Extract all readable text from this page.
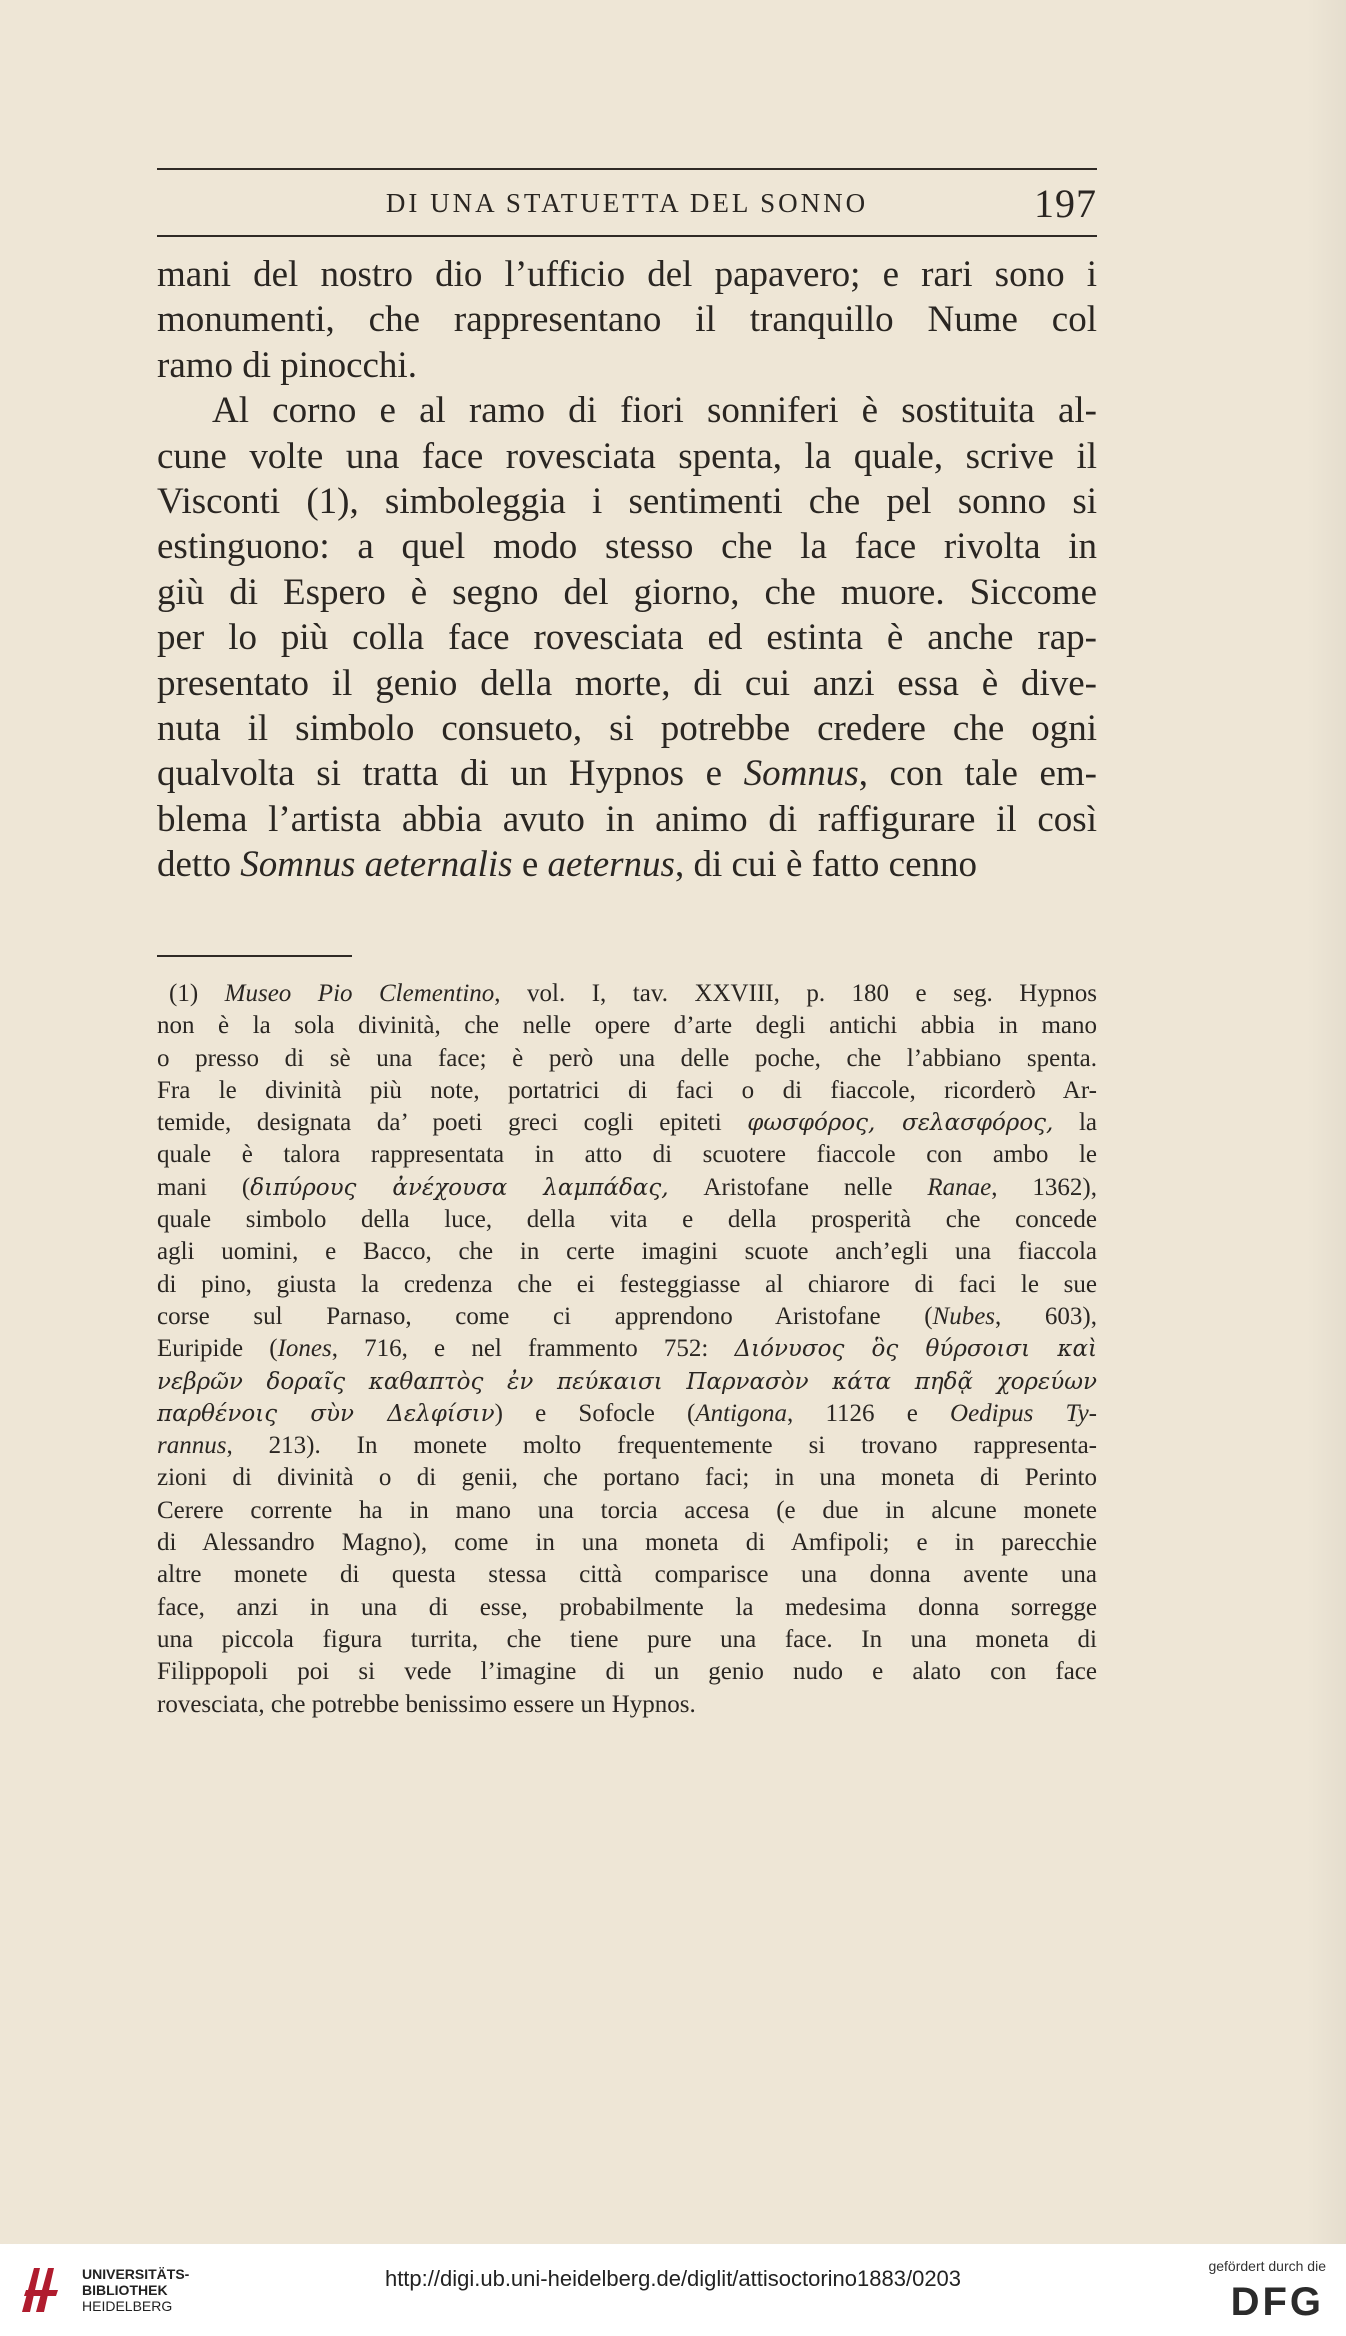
DI UNA STATUETTA DEL SONNO	197

mani del nostro dio l’ufficio del papavero; e rari sono i
monumenti, che rappresentano il tranquillo Nume col
ramo di pinocchi.

Al corno e al ramo di fiori sonniferi è sostituita al-
cune volte una face rovesciata spenta, la quale, scrive il
Visconti (1), simboleggia i sentimenti che pel sonno si
estinguono: a quel modo stesso che la face rivolta in
giù di Espero è segno del giorno, che muore. Siccome
per lo più colla face rovesciata ed estinta è anche rap-
presentato il genio della morte, di cui anzi essa è dive-
nuta il simbolo consueto, si potrebbe credere che ogni
qualvolta si tratta di un Hypnos e Somnus, con tale em-
blema l’artista abbia avuto in animo di raffigurare il così
detto Somnus aeternalis e aeternus, di cui è fatto cenno

(1) Museo Pio Clementino, vol. I, tav. XXVIII, p. 180 e seg. Hypnos
non è la sola divinità, che nelle opere d’arte degli antichi abbia in mano
o presso di sè una face; è però una delle poche, che l’abbiano spenta.
Fra le divinità più note, portatrici di faci o di fiaccole, ricorderò Ar-
temide, designata da’ poeti greci cogli epiteti φωσφόρος, σελασφόρος, la
quale è talora rappresentata in atto di scuotere fiaccole con ambo le
mani (διπύρους ἀνέχουσα λαμπάδας, Aristofane nelle Ranae, 1362),
quale simbolo della luce, della vita e della prosperità che concede
agli uomini, e Bacco, che in certe imagini scuote anch’egli una fiaccola
di pino, giusta la credenza che ei festeggiasse al chiarore di faci le sue
corse sul Parnaso, come ci apprendono Aristofane (Nubes, 603),
Euripide (Iones, 716, e nel frammento 752: Διόνυσος ὃς θύρσοισι καὶ
νεβρῶν δοραῖς καθαπτὸς ἐν πεύκαισι Παρνασὸν κάτα πηδᾷ χορεύων
παρθένοις σὺν Δελφίσιν) e Sofocle (Antigona, 1126 e Oedipus Ty-
rannus, 213). In monete molto frequentemente si trovano rappresenta-
zioni di divinità o di genii, che portano faci; in una moneta di Perinto
Cerere corrente ha in mano una torcia accesa (e due in alcune monete
di Alessandro Magno), come in una moneta di Amfipoli; e in parecchie
altre monete di questa stessa città comparisce una donna avente una
face, anzi in una di esse, probabilmente la medesima donna sorregge
una piccola figura turrita, che tiene pure una face. In una moneta di
Filippopoli poi si vede l’imagine di un genio nudo e alato con face
rovesciata, che potrebbe benissimo essere un Hypnos.
UNIVERSITÄTS-
BIBLIOTHEK
HEIDELBERG
http://digi.ub.uni-heidelberg.de/diglit/attisoctorino1883/0203	gefördert durch die
DFG
